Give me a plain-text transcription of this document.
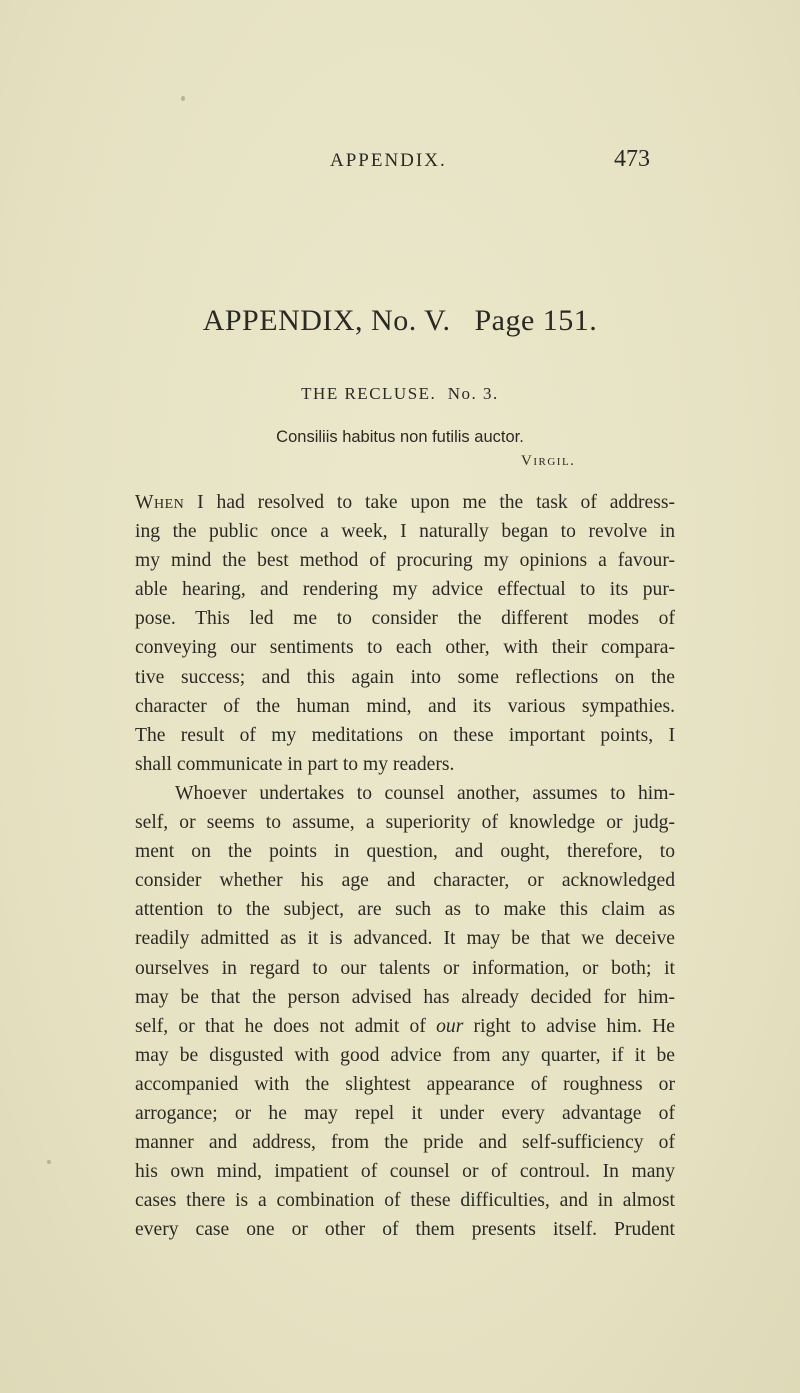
APPENDIX.	473
APPENDIX, No. V.   Page 151.
THE RECLUSE.  No. 3.
Consiliis habitus non futilis auctor.
Virgil.
When I had resolved to take upon me the task of address-
ing the public once a week, I naturally began to revolve in
my mind the best method of procuring my opinions a favour-
able hearing, and rendering my advice effectual to its pur-
pose. This led me to consider the different modes of
conveying our sentiments to each other, with their compara-
tive success; and this again into some reflections on the
character of the human mind, and its various sympathies.
The result of my meditations on these important points, I
shall communicate in part to my readers.
Whoever undertakes to counsel another, assumes to him-
self, or seems to assume, a superiority of knowledge or judg-
ment on the points in question, and ought, therefore, to
consider whether his age and character, or acknowledged
attention to the subject, are such as to make this claim as
readily admitted as it is advanced. It may be that we deceive
ourselves in regard to our talents or information, or both; it
may be that the person advised has already decided for him-
self, or that he does not admit of our right to advise him. He
may be disgusted with good advice from any quarter, if it be
accompanied with the slightest appearance of roughness or
arrogance; or he may repel it under every advantage of
manner and address, from the pride and self-sufficiency of
his own mind, impatient of counsel or of controul. In many
cases there is a combination of these difficulties, and in almost
every case one or other of them presents itself. Prudent
